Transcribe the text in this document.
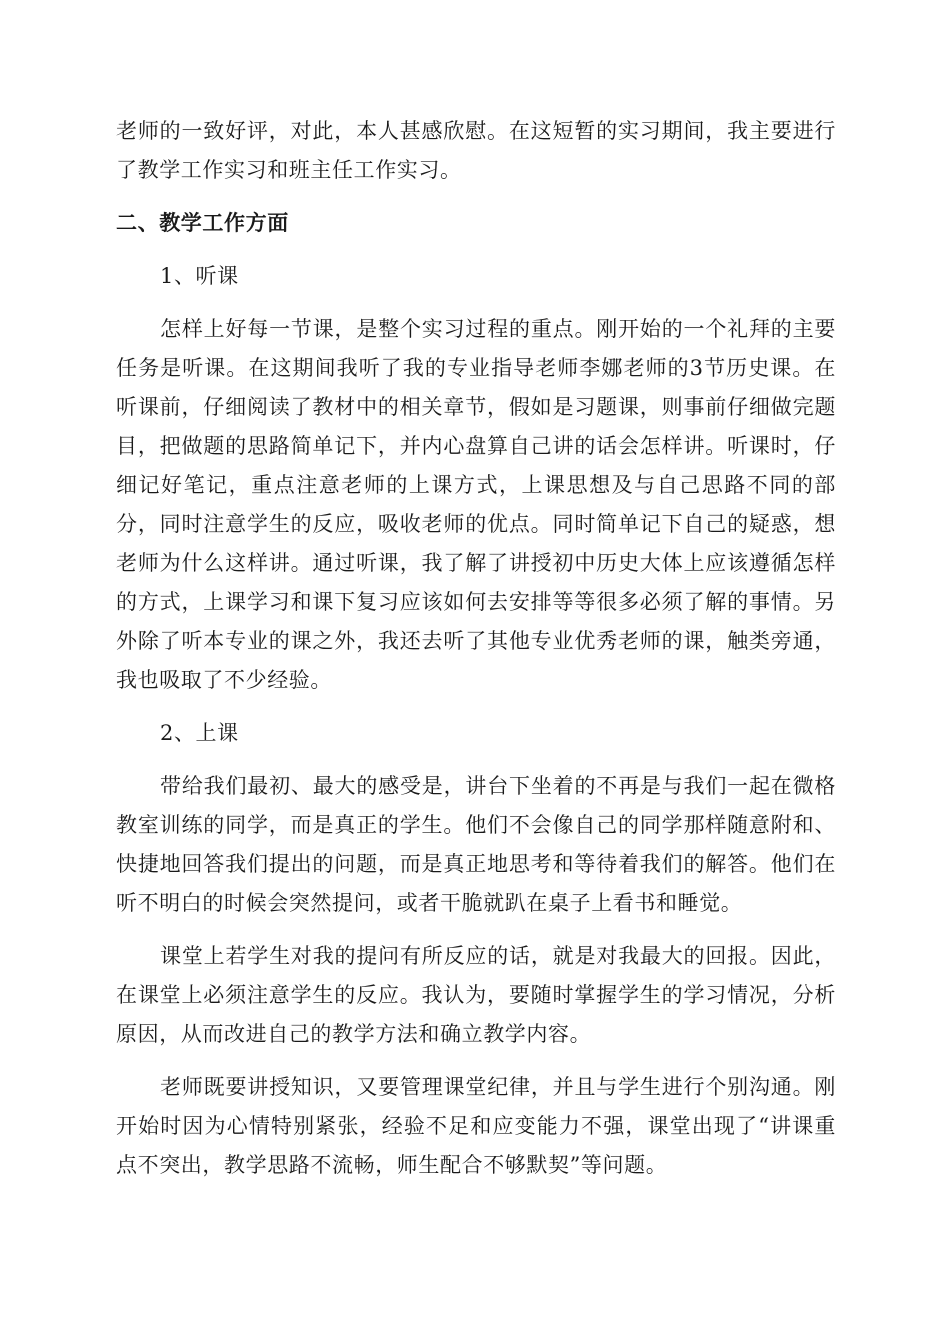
老师的一致好评，对此，本人甚感欣慰。在这短暂的实习期间，我主要进行了教学工作实习和班主任工作实习。

二、教学工作方面

1、听课

怎样上好每一节课，是整个实习过程的重点。刚开始的一个礼拜的主要任务是听课。在这期间我听了我的专业指导老师李娜老师的3节历史课。在听课前，仔细阅读了教材中的相关章节，假如是习题课，则事前仔细做完题目，把做题的思路简单记下，并内心盘算自己讲的话会怎样讲。听课时，仔细记好笔记，重点注意老师的上课方式，上课思想及与自己思路不同的部分，同时注意学生的反应，吸收老师的优点。同时简单记下自己的疑惑，想老师为什么这样讲。通过听课，我了解了讲授初中历史大体上应该遵循怎样的方式，上课学习和课下复习应该如何去安排等等很多必须了解的事情。另外除了听本专业的课之外，我还去听了其他专业优秀老师的课，触类旁通，我也吸取了不少经验。

2、上课

带给我们最初、最大的感受是，讲台下坐着的不再是与我们一起在微格教室训练的同学，而是真正的学生。他们不会像自己的同学那样随意附和、快捷地回答我们提出的问题，而是真正地思考和等待着我们的解答。他们在听不明白的时候会突然提问，或者干脆就趴在桌子上看书和睡觉。

课堂上若学生对我的提问有所反应的话，就是对我最大的回报。因此，在课堂上必须注意学生的反应。我认为，要随时掌握学生的学习情况，分析原因，从而改进自己的教学方法和确立教学内容。

老师既要讲授知识，又要管理课堂纪律，并且与学生进行个别沟通。刚开始时因为心情特别紧张，经验不足和应变能力不强，课堂出现了“讲课重点不突出，教学思路不流畅，师生配合不够默契”等问题。
